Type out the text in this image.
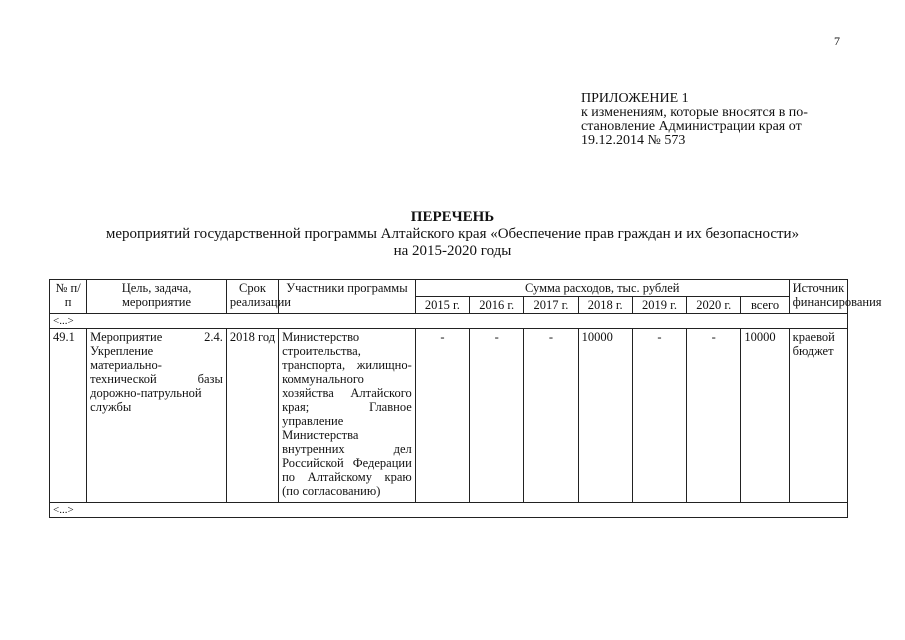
7
ПРИЛОЖЕНИЕ 1
к изменениям, которые вносятся в по-
становление Администрации края от
19.12.2014 № 573
ПЕРЕЧЕНЬ
мероприятий государственной программы Алтайского края «Обеспечение прав граждан и их безопасности»
на 2015-2020 годы
№ п/п	Цель, задача, мероприятие	Срок реализации	Участники программы	Сумма расходов, тыс. рублей							Источник финансирования
				2015 г.	2016 г.	2017 г.	2018 г.	2019 г.	2020 г.	всего	
<...>											
49.1	Мероприятие 2.4. Укрепление материально-технической базы дорожно-патрульной службы	2018 год	Министерство строительства, транспорта, жилищно-коммунального хозяйства Алтайского края; Главное управление Министерства внутренних дел Российской Федерации по Алтайскому краю (по согласованию)	-	-	-	10000	-	-	10000	краевой бюджет
<...>											
